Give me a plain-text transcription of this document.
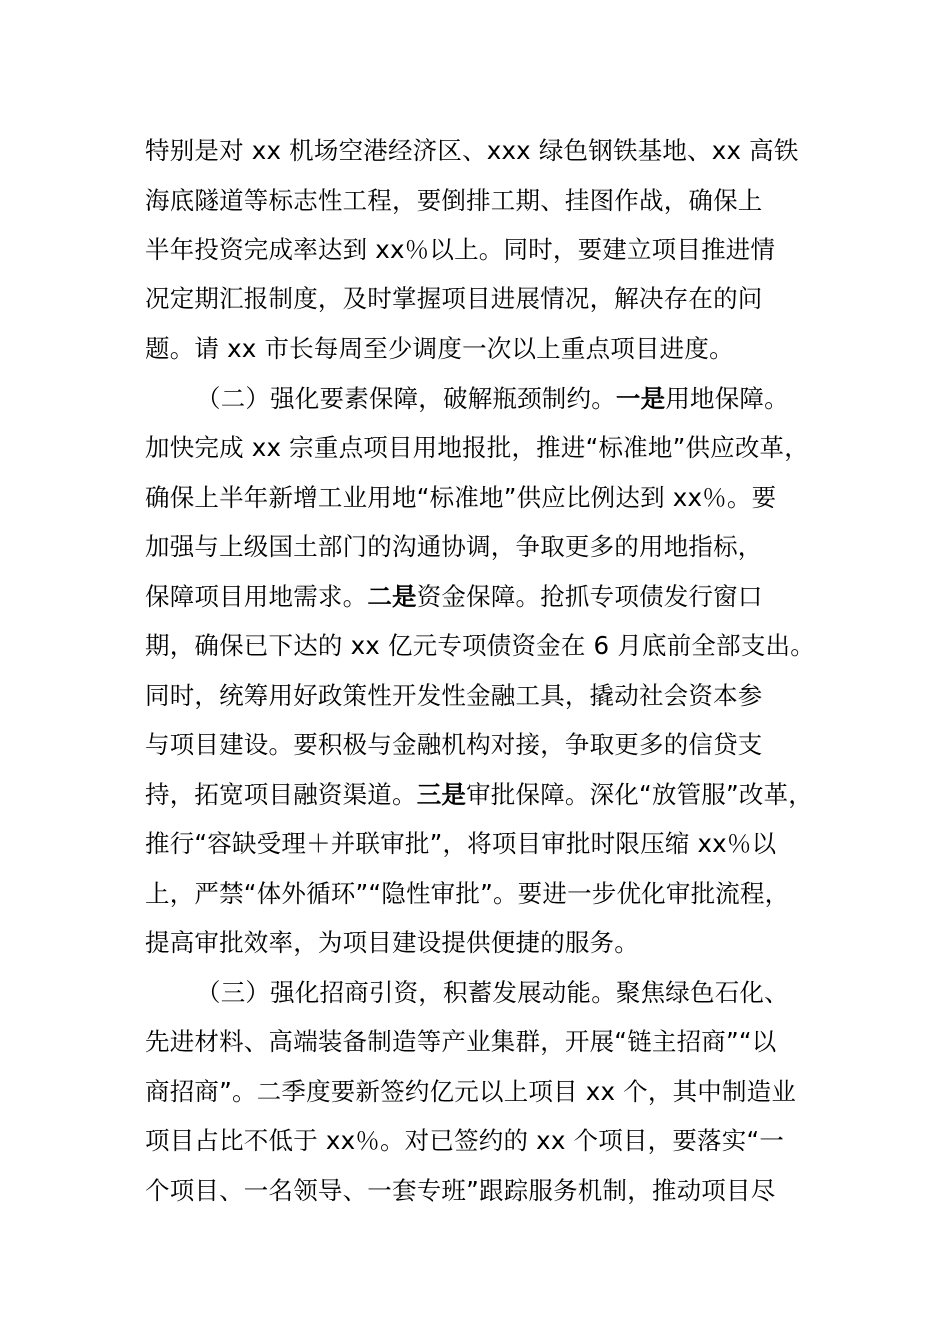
特别是对 xx 机场空港经济区、xxx 绿色钢铁基地、xx 高铁
海底隧道等标志性工程，要倒排工期、挂图作战，确保上
半年投资完成率达到 xx％以上。同时，要建立项目推进情
况定期汇报制度，及时掌握项目进展情况，解决存在的问
题。请 xx 市长每周至少调度一次以上重点项目进度。
（二）强化要素保障，破解瓶颈制约。一是用地保障。
加快完成 xx 宗重点项目用地报批，推进“标准地”供应改革，
确保上半年新增工业用地“标准地”供应比例达到 xx％。要
加强与上级国土部门的沟通协调，争取更多的用地指标，
保障项目用地需求。二是资金保障。抢抓专项债发行窗口
期，确保已下达的 xx 亿元专项债资金在 6 月底前全部支出。
同时，统筹用好政策性开发性金融工具，撬动社会资本参
与项目建设。要积极与金融机构对接，争取更多的信贷支
持，拓宽项目融资渠道。三是审批保障。深化“放管服”改革，
推行“容缺受理＋并联审批”，将项目审批时限压缩 xx％以
上，严禁“体外循环”“隐性审批”。要进一步优化审批流程，
提高审批效率，为项目建设提供便捷的服务。
（三）强化招商引资，积蓄发展动能。聚焦绿色石化、
先进材料、高端装备制造等产业集群，开展“链主招商”“以
商招商”。二季度要新签约亿元以上项目 xx 个，其中制造业
项目占比不低于 xx％。对已签约的 xx 个项目，要落实“一
个项目、一名领导、一套专班”跟踪服务机制，推动项目尽
